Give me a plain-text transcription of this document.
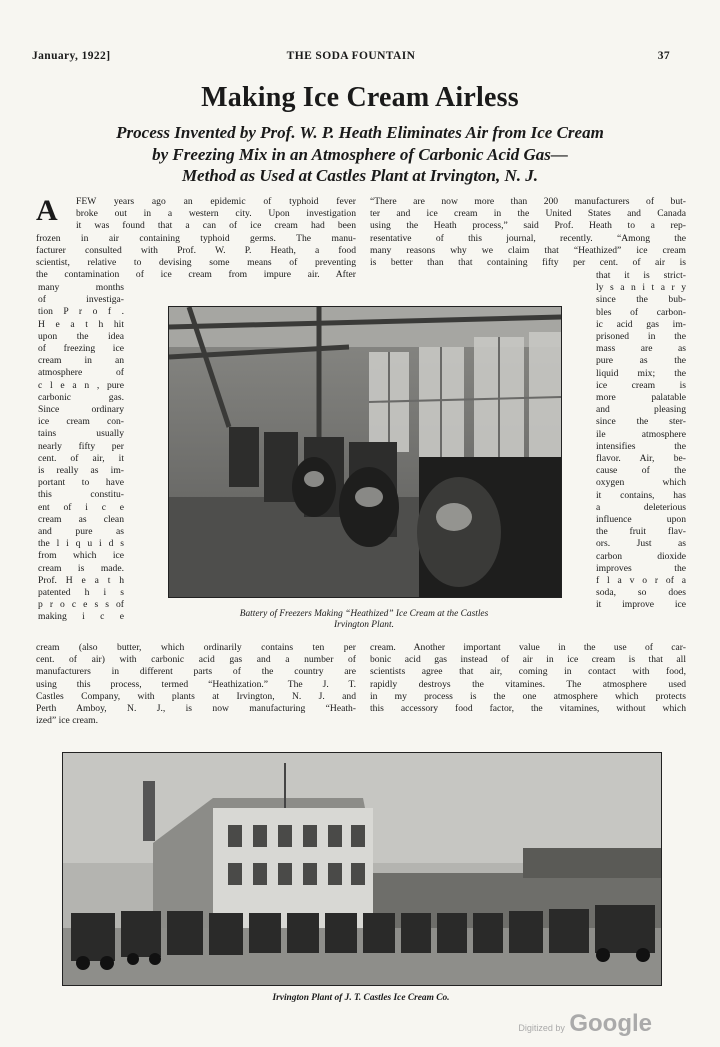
January, 1922]	THE SODA FOUNTAIN	37
Making Ice Cream Airless
Process Invented by Prof. W. P. Heath Eliminates Air from Ice Cream
by Freezing Mix in an Atmosphere of Carbonic Acid Gas—
Method as Used at Castles Plant at Irvington, N. J.
A FEW years ago an epidemic of typhoid fever
broke out in a western city. Upon investigation
it was found that a can of ice cream had been
frozen in air containing typhoid germs. The manu-
facturer consulted with Prof. W. P. Heath, a food
scientist, relative to devising some means of preventing
the contamination of ice cream from impure air. After
“There are now more than 200 manufacturers of but-
ter and ice cream in the United States and Canada
using the Heath process,” said Prof. Heath to a rep-
resentative of this journal, recently. “Among the
many reasons why we claim that “Heathized” ice cream
is better than that containing fifty per cent. of air is
many months
of investiga-
tion P r o f .
H e a t h hit
upon the idea
of freezing ice
cream in an
atmosphere of
c l e a n , pure
carbonic gas.
Since ordinary
ice cream con-
tains usually
nearly fifty per
cent. of air, it
is really as im-
portant to have
this constitu-
ent of i c e
cream as clean
and pure as
the l i q u i d s
from which ice
cream is made.
Prof. H e a t h
patented h i s
p r o c e s s of
making i c e
that it is strict-
ly s a n i t a r y
since the bub-
bles of carbon-
ic acid gas im-
prisoned in the
mass are as
pure as the
liquid mix; the
ice cream is
more palatable
and pleasing
since the ster-
ile atmosphere
intensifies the
flavor. Air, be-
cause of the
oxygen which
it contains, has
a deleterious
influence upon
the fruit flav-
ors. Just as
carbon dioxide
improves the
f l a v o r of a
soda, so does
it improve ice
Battery of Freezers Making “Heathized” Ice Cream at the Castles
Irvington Plant.
cream (also butter, which ordinarily contains ten per
cent. of air) with carbonic acid gas and a number of
manufacturers in different parts of the country are
using this process, termed “Heathization.” The J. T.
Castles Company, with plants at Irvington, N. J. and
Perth Amboy, N. J., is now manufacturing “Heath-
ized” ice cream.
cream. Another important value in the use of car-
bonic acid gas instead of air in ice cream is that all
scientists agree that air, coming in contact with food,
rapidly destroys the vitamines. The atmosphere used
in my process is the one atmosphere which protects
this accessory food factor, the vitamines, without which
Irvington Plant of J. T. Castles Ice Cream Co.
Digitized by Google
